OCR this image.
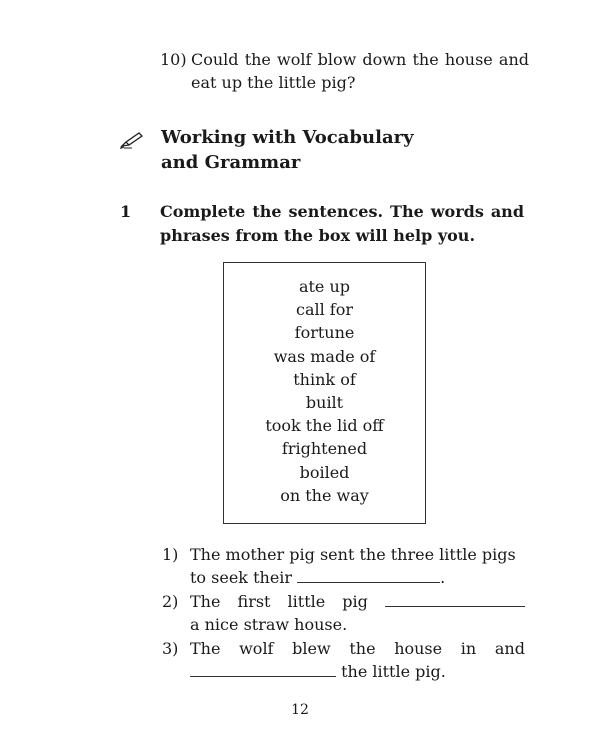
10) Could the wolf blow down the house and
eat up the little pig?
Working with Vocabulary
and Grammar
1 Complete the sentences. The words and
phrases from the box will help you.
ate up
call for
fortune
was made of
think of
built
took the lid off
frightened
boiled
on the way
1) The mother pig sent the three little pigs
to seek their	.
2) The first little pig
a nice straw house.
3) The wolf blew the house in and
the little pig.
12
